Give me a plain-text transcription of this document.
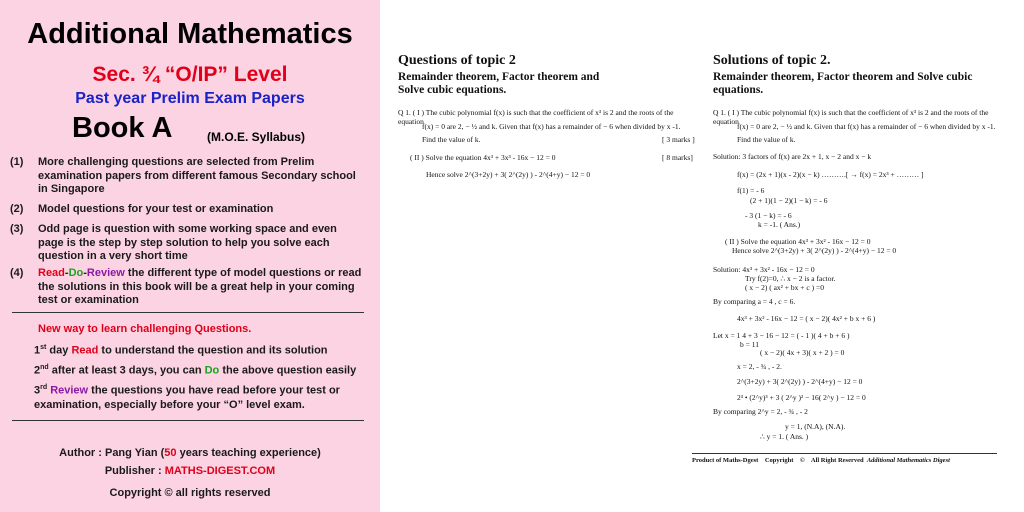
Additional Mathematics
Sec. ¾ “O/IP” Level
Past year Prelim Exam Papers
Book A	(M.O.E. Syllabus)
(1)	More challenging questions are selected from Prelim examination papers from different famous Secondary school in Singapore
(2)	Model questions for your test or examination
(3)	Odd page is question with some working space and even page is the step by step solution to help you solve each question in a very short time
(4)	Read-Do-Review the different type of model questions or read the solutions in this book will be a great help in your coming test or examination
New way to learn challenging Questions.
1st day Read to understand the question and its solution
2nd after at least 3 days, you can Do the above question easily
3rd Review the questions you have read before your test or examination, especially before your “O” level exam.
Author : Pang Yian (50 years teaching experience)
Publisher : MATHS-DIGEST.COM
Copyright © all rights reserved
Questions of topic 2
Remainder theorem, Factor theorem and
Solve cubic equations.
Q 1. ( I ) The cubic polynomial f(x) is such that the coefficient of x³ is 2 and the roots of the equation
f(x) = 0 are 2, − ½ and k. Given that f(x) has a remainder of − 6 when divided by x -1.
Find the value of k.	[ 3 marks ]
( II ) Solve the equation 4x³ + 3x³ - 16x − 12 = 0	[ 8 marks]
Hence solve 2^(3+2y) + 3( 2^(2y) ) - 2^(4+y) − 12 = 0
Solutions of topic 2.
Remainder theorem, Factor theorem and Solve cubic
equations.
Q 1. ( I ) The cubic polynomial f(x) is such that the coefficient of x³ is 2 and the roots of the equation
f(x) = 0 are 2, − ½ and k. Given that f(x) has a remainder of − 6 when divided by x -1.
Find the value of k.
Solution: 3 factors of f(x) are 2x + 1, x − 2 and x − k
f(x) = (2x + 1)(x - 2)(x − k) ……….[ → f(x) = 2x³ + ……… ]
f(1) = - 6
(2 + 1)(1 − 2)(1 − k) = - 6
- 3 (1 − k) = - 6
k = -1. ( Ans.)
( II ) Solve the equation 4x³ + 3x² - 16x − 12 = 0
Hence solve 2^(3+2y) + 3( 2^(2y) ) - 2^(4+y) − 12 = 0
Solution: 4x³ + 3x² - 16x − 12 = 0
Try f(2)=0, ∴ x − 2 is a factor.
( x − 2) ( ax² + bx + c ) =0
By comparing a = 4 , c = 6.
4x³ + 3x² - 16x − 12 = ( x − 2)( 4x² + b x + 6 )
Let x = 1 4 + 3 − 16 − 12 = ( - 1 )( 4 + b + 6 )
b = 11
( x − 2)( 4x + 3)( x + 2 ) = 0
x = 2, - ¾ , - 2.
2^(3+2y) + 3( 2^(2y) ) - 2^(4+y) − 12 = 0
2³ • (2^y)³ + 3 ( 2^y )² − 16( 2^y ) − 12 = 0
By comparing 2^y = 2, - ¾ , - 2
y = 1, (N.A), (N.A).
∴ y = 1. ( Ans. )
Product of Maths-Dgest Copyright © All Right Reserved Additional Mathematics Digest
